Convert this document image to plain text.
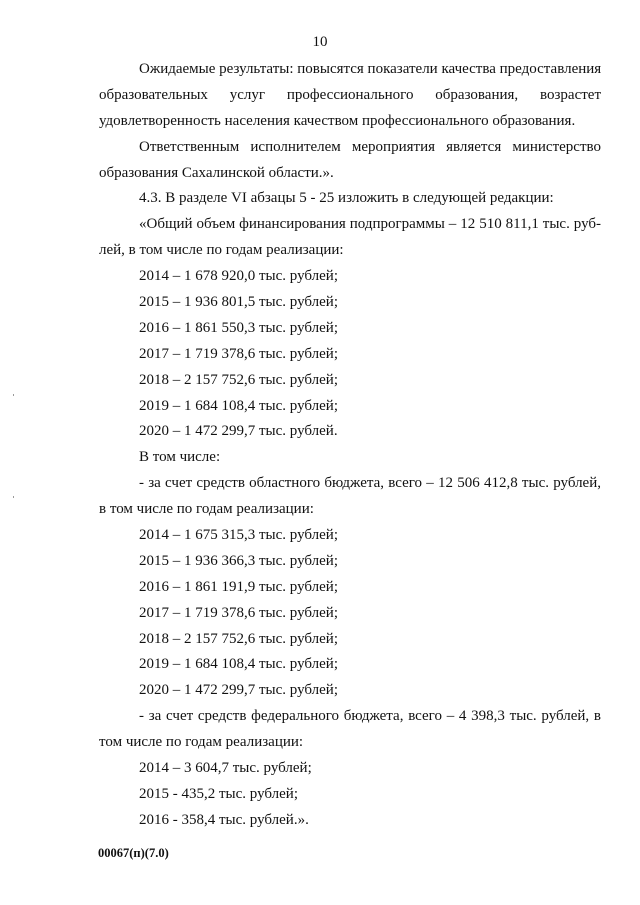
10
Ожидаемые результаты: повысятся показатели качества предоставления
образовательных услуг профессионального образования, возрастет
удовлетворенность населения качеством профессионального образования.
Ответственным исполнителем мероприятия является министерство
образования Сахалинской области.».
4.3. В разделе VI абзацы 5 - 25 изложить в следующей редакции:
«Общий объем финансирования подпрограммы – 12 510 811,1 тыс. руб-
лей, в том числе по годам реализации:
2014 – 1 678 920,0 тыс. рублей;
2015 – 1 936 801,5 тыс. рублей;
2016 – 1 861 550,3 тыс. рублей;
2017 – 1 719 378,6 тыс. рублей;
2018 – 2 157 752,6 тыс. рублей;
2019 – 1 684 108,4 тыс. рублей;
2020 – 1 472 299,7 тыс. рублей.
В том числе:
- за счет средств областного бюджета, всего – 12 506 412,8 тыс. рублей,
в том числе по годам реализации:
2014 – 1 675 315,3 тыс. рублей;
2015 – 1 936 366,3 тыс. рублей;
2016 – 1 861 191,9 тыс. рублей;
2017 – 1 719 378,6 тыс. рублей;
2018 – 2 157 752,6 тыс. рублей;
2019 – 1 684 108,4 тыс. рублей;
2020 – 1 472 299,7 тыс. рублей;
- за счет средств федерального бюджета, всего – 4 398,3 тыс. рублей, в
том числе по годам реализации:
2014 – 3 604,7 тыс. рублей;
2015 - 435,2 тыс. рублей;
2016 - 358,4 тыс. рублей.».
00067(п)(7.0)
